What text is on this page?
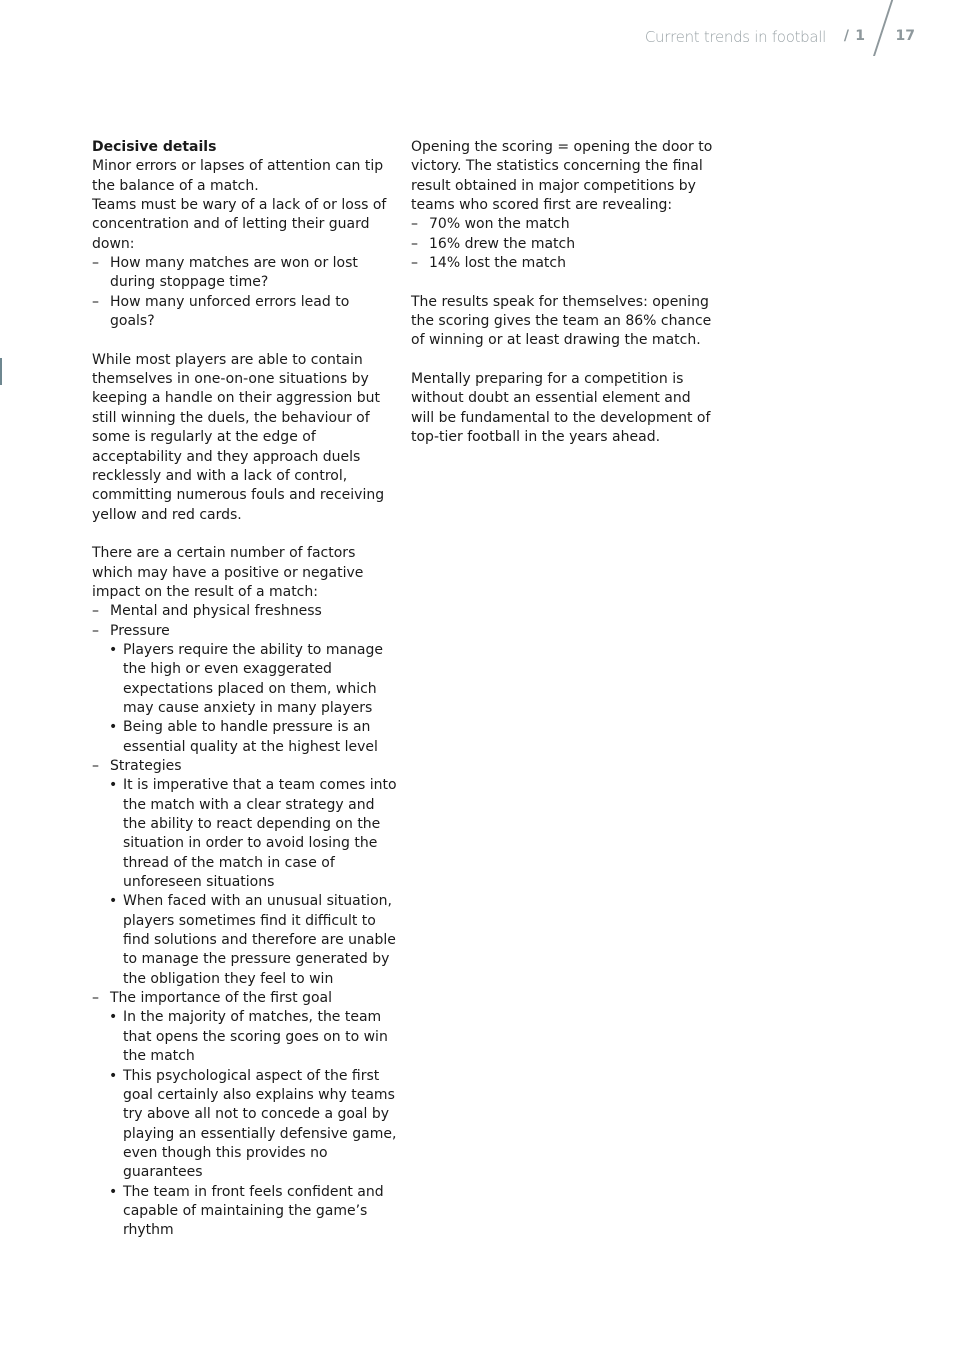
Current trends in football / 1 17

Decisive details

Minor errors or lapses of attention can tip the balance of a match.

Teams must be wary of a lack of or loss of concentration and of letting their guard down:

– How many matches are won or lost during stoppage time?

– How many unforced errors lead to goals?

While most players are able to contain themselves in one-on-one situations by keeping a handle on their aggression but still winning the duels, the behaviour of some is regularly at the edge of acceptability and they approach duels recklessly and with a lack of control, committing numerous fouls and receiving yellow and red cards.

There are a certain number of factors which may have a positive or negative impact on the result of a match:

– Mental and physical freshness

– Pressure

• Players require the ability to manage the high or even exaggerated expectations placed on them, which may cause anxiety in many players

• Being able to handle pressure is an essential quality at the highest level

– Strategies

• It is imperative that a team comes into the match with a clear strategy and the ability to react depending on the situation in order to avoid losing the thread of the match in case of unforeseen situations

• When faced with an unusual situation, players sometimes find it difficult to find solutions and therefore are unable to manage the pressure generated by the obligation they feel to win

– The importance of the first goal

• In the majority of matches, the team that opens the scoring goes on to win the match

• This psychological aspect of the first goal certainly also explains why teams try above all not to concede a goal by playing an essentially defensive game, even though this provides no guarantees

• The team in front feels confident and capable of maintaining the game’s rhythm

Opening the scoring = opening the door to victory. The statistics concerning the final result obtained in major competitions by teams who scored first are revealing:

– 70% won the match

– 16% drew the match

– 14% lost the match

The results speak for themselves: opening the scoring gives the team an 86% chance of winning or at least drawing the match.

Mentally preparing for a competition is without doubt an essential element and will be fundamental to the development of top-tier football in the years ahead.
